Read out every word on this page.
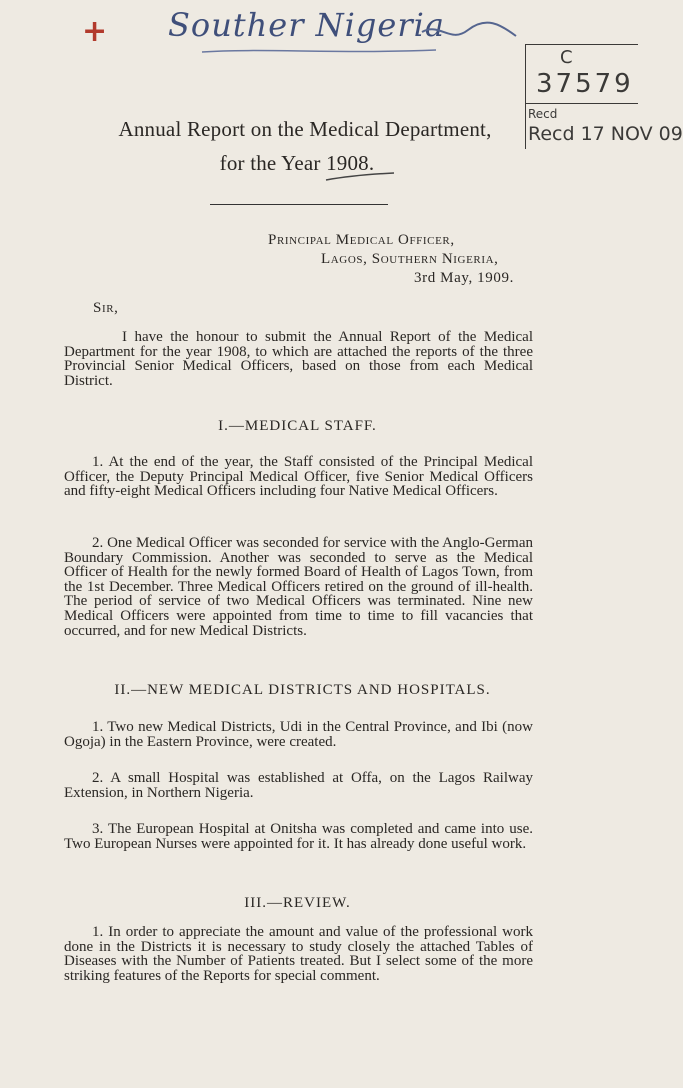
Souther Nigeria
+
C
37579
Recd
Recd 17 NOV 09
Annual Report on the Medical Department,
for the Year 1908.
Principal Medical Officer,
Lagos, Southern Nigeria,
3rd May, 1909.
Sir,
I have the honour to submit the Annual Report of the Medical Department for the year 1908, to which are attached the reports of the three Provincial Senior Medical Officers, based on those from each Medical District.
I.—MEDICAL STAFF.
1. At the end of the year, the Staff consisted of the Principal Medical Officer, the Deputy Principal Medical Officer, five Senior Medical Officers and fifty-eight Medical Officers including four Native Medical Officers.
2. One Medical Officer was seconded for service with the Anglo-German Boundary Commission. Another was seconded to serve as the Medical Officer of Health for the newly formed Board of Health of Lagos Town, from the 1st December. Three Medical Officers retired on the ground of ill-health. The period of service of two Medical Officers was terminated. Nine new Medical Officers were appointed from time to time to fill vacancies that occurred, and for new Medical Districts.
II.—NEW MEDICAL DISTRICTS AND HOSPITALS.
1. Two new Medical Districts, Udi in the Central Province, and Ibi (now Ogoja) in the Eastern Province, were created.
2. A small Hospital was established at Offa, on the Lagos Railway Extension, in Northern Nigeria.
3. The European Hospital at Onitsha was completed and came into use. Two European Nurses were appointed for it. It has already done useful work.
III.—REVIEW.
1. In order to appreciate the amount and value of the professional work done in the Districts it is necessary to study closely the attached Tables of Diseases with the Number of Patients treated. But I select some of the more striking features of the Reports for special comment.
